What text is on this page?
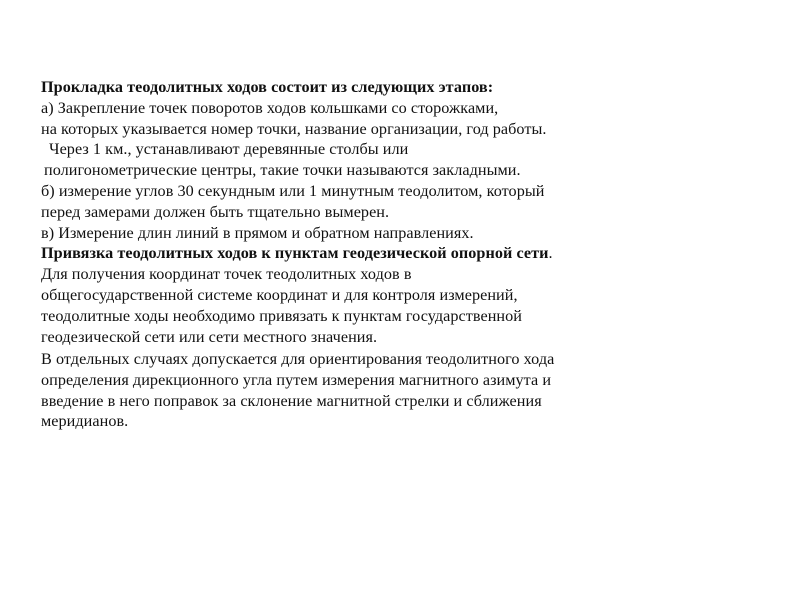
Прокладка теодолитных ходов состоит из следующих этапов:
а) Закрепление точек поворотов ходов кольшками со сторожками,
на которых указывается номер точки, название организации, год работы.
Через 1 км., устанавливают деревянные столбы или
полигонометрические центры, такие точки называются закладными.
б) измерение углов 30 секундным или 1 минутным теодолитом, который
перед замерами должен быть тщательно вымерен.
в) Измерение длин линий в прямом и обратном направлениях.
Привязка теодолитных ходов к пунктам геодезической опорной сети.
Для получения координат точек теодолитных ходов в
общегосударственной системе координат и для контроля измерений,
теодолитные ходы необходимо привязать к пунктам государственной
геодезической сети или сети местного значения.
В отдельных случаях допускается для ориентирования теодолитного хода
определения дирекционного угла путем измерения магнитного азимута и
введение в него поправок за склонение магнитной стрелки и сближения
меридианов.
